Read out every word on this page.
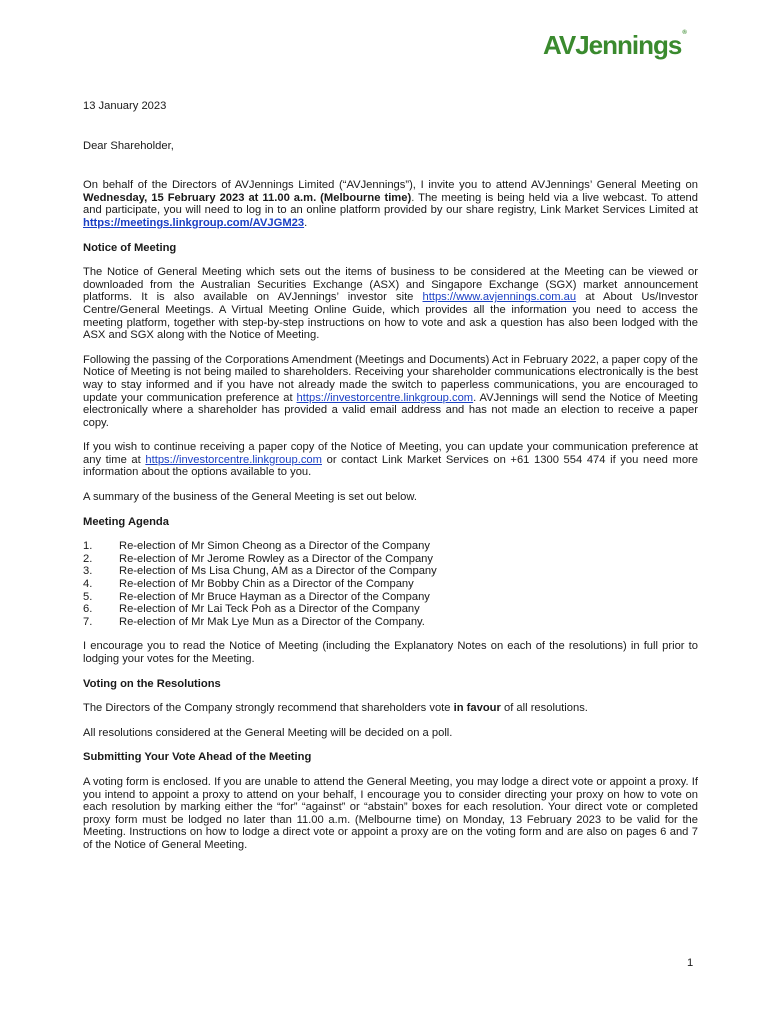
AVJennings®

13 January 2023

Dear Shareholder,

On behalf of the Directors of AVJennings Limited (“AVJennings”), I invite you to attend AVJennings’ General Meeting on Wednesday, 15 February 2023 at 11.00 a.m. (Melbourne time). The meeting is being held via a live webcast. To attend and participate, you will need to log in to an online platform provided by our share registry, Link Market Services Limited at https://meetings.linkgroup.com/AVJGM23.

Notice of Meeting

The Notice of General Meeting which sets out the items of business to be considered at the Meeting can be viewed or downloaded from the Australian Securities Exchange (ASX) and Singapore Exchange (SGX) market announcement platforms. It is also available on AVJennings’ investor site https://www.avjennings.com.au at About Us/Investor Centre/General Meetings. A Virtual Meeting Online Guide, which provides all the information you need to access the meeting platform, together with step-by-step instructions on how to vote and ask a question has also been lodged with the ASX and SGX along with the Notice of Meeting.

Following the passing of the Corporations Amendment (Meetings and Documents) Act in February 2022, a paper copy of the Notice of Meeting is not being mailed to shareholders. Receiving your shareholder communications electronically is the best way to stay informed and if you have not already made the switch to paperless communications, you are encouraged to update your communication preference at https://investorcentre.linkgroup.com. AVJennings will send the Notice of Meeting electronically where a shareholder has provided a valid email address and has not made an election to receive a paper copy.

If you wish to continue receiving a paper copy of the Notice of Meeting, you can update your communication preference at any time at https://investorcentre.linkgroup.com or contact Link Market Services on +61 1300 554 474 if you need more information about the options available to you.

A summary of the business of the General Meeting is set out below.

Meeting Agenda
1.	Re-election of Mr Simon Cheong as a Director of the Company
2.	Re-election of Mr Jerome Rowley as a Director of the Company
3.	Re-election of Ms Lisa Chung, AM as a Director of the Company
4.	Re-election of Mr Bobby Chin as a Director of the Company
5.	Re-election of Mr Bruce Hayman as a Director of the Company
6.	Re-election of Mr Lai Teck Poh as a Director of the Company
7.	Re-election of Mr Mak Lye Mun as a Director of the Company.

I encourage you to read the Notice of Meeting (including the Explanatory Notes on each of the resolutions) in full prior to lodging your votes for the Meeting.

Voting on the Resolutions

The Directors of the Company strongly recommend that shareholders vote in favour of all resolutions.

All resolutions considered at the General Meeting will be decided on a poll.

Submitting Your Vote Ahead of the Meeting

A voting form is enclosed. If you are unable to attend the General Meeting, you may lodge a direct vote or appoint a proxy. If you intend to appoint a proxy to attend on your behalf, I encourage you to consider directing your proxy on how to vote on each resolution by marking either the “for” “against” or “abstain” boxes for each resolution. Your direct vote or completed proxy form must be lodged no later than 11.00 a.m. (Melbourne time) on Monday, 13 February 2023 to be valid for the Meeting. Instructions on how to lodge a direct vote or appoint a proxy are on the voting form and are also on pages 6 and 7 of the Notice of General Meeting.

1
